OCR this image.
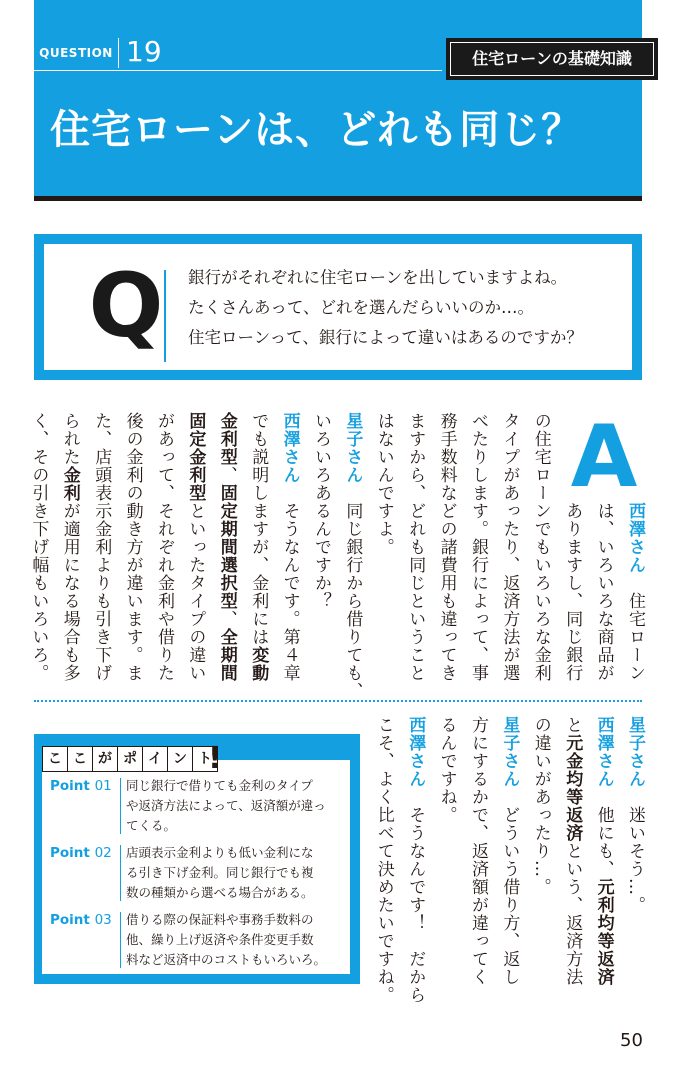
QUESTION 19	住宅ローンの基礎知識
住宅ローンは、どれも同じ？
Q	銀行がそれぞれに住宅ローンを出していますよね。
たくさんあって、どれを選んだらいいのか…。
住宅ローンって、銀行によって違いはあるのですか？
A
西澤さん　住宅ローン
は、いろいろな商品が
ありますし、同じ銀行
の住宅ローンでもいろいろな金利
タイプがあったり、返済方法が選
べたりします。銀行によって、事
務手数料などの諸費用も違ってき
ますから、どれも同じということ
はないんですよ。
星子さん　同じ銀行から借りても、
いろいろあるんですか？
西澤さん　そうなんです。第４章
でも説明しますが、金利には変動
金利型、固定期間選択型、全期間
固定金利型といったタイプの違い
があって、それぞれ金利や借りた
後の金利の動き方が違います。ま
た、店頭表示金利よりも引き下げ
られた金利が適用になる場合も多
く、その引き下げ幅もいろいろ。
星子さん　迷いそう…。
西澤さん　他にも、元利均等返済
と元金均等返済という、返済方法
の違いがあったり…。
星子さん　どういう借り方、返し
方にするかで、返済額が違ってく
るんですね。
西澤さん　そうなんです！　だから
こそ、よく比べて決めたいですね。
こ こ が ポ イ ン ト
!
Point 01 同じ銀行で借りても金利のタイプ
や返済方法によって、返済額が違っ
てくる。
Point 02 店頭表示金利よりも低い金利にな
る引き下げ金利。同じ銀行でも複
数の種類から選べる場合がある。
Point 03 借りる際の保証料や事務手数料の
他、繰り上げ返済や条件変更手数
料など返済中のコストもいろいろ。
50
